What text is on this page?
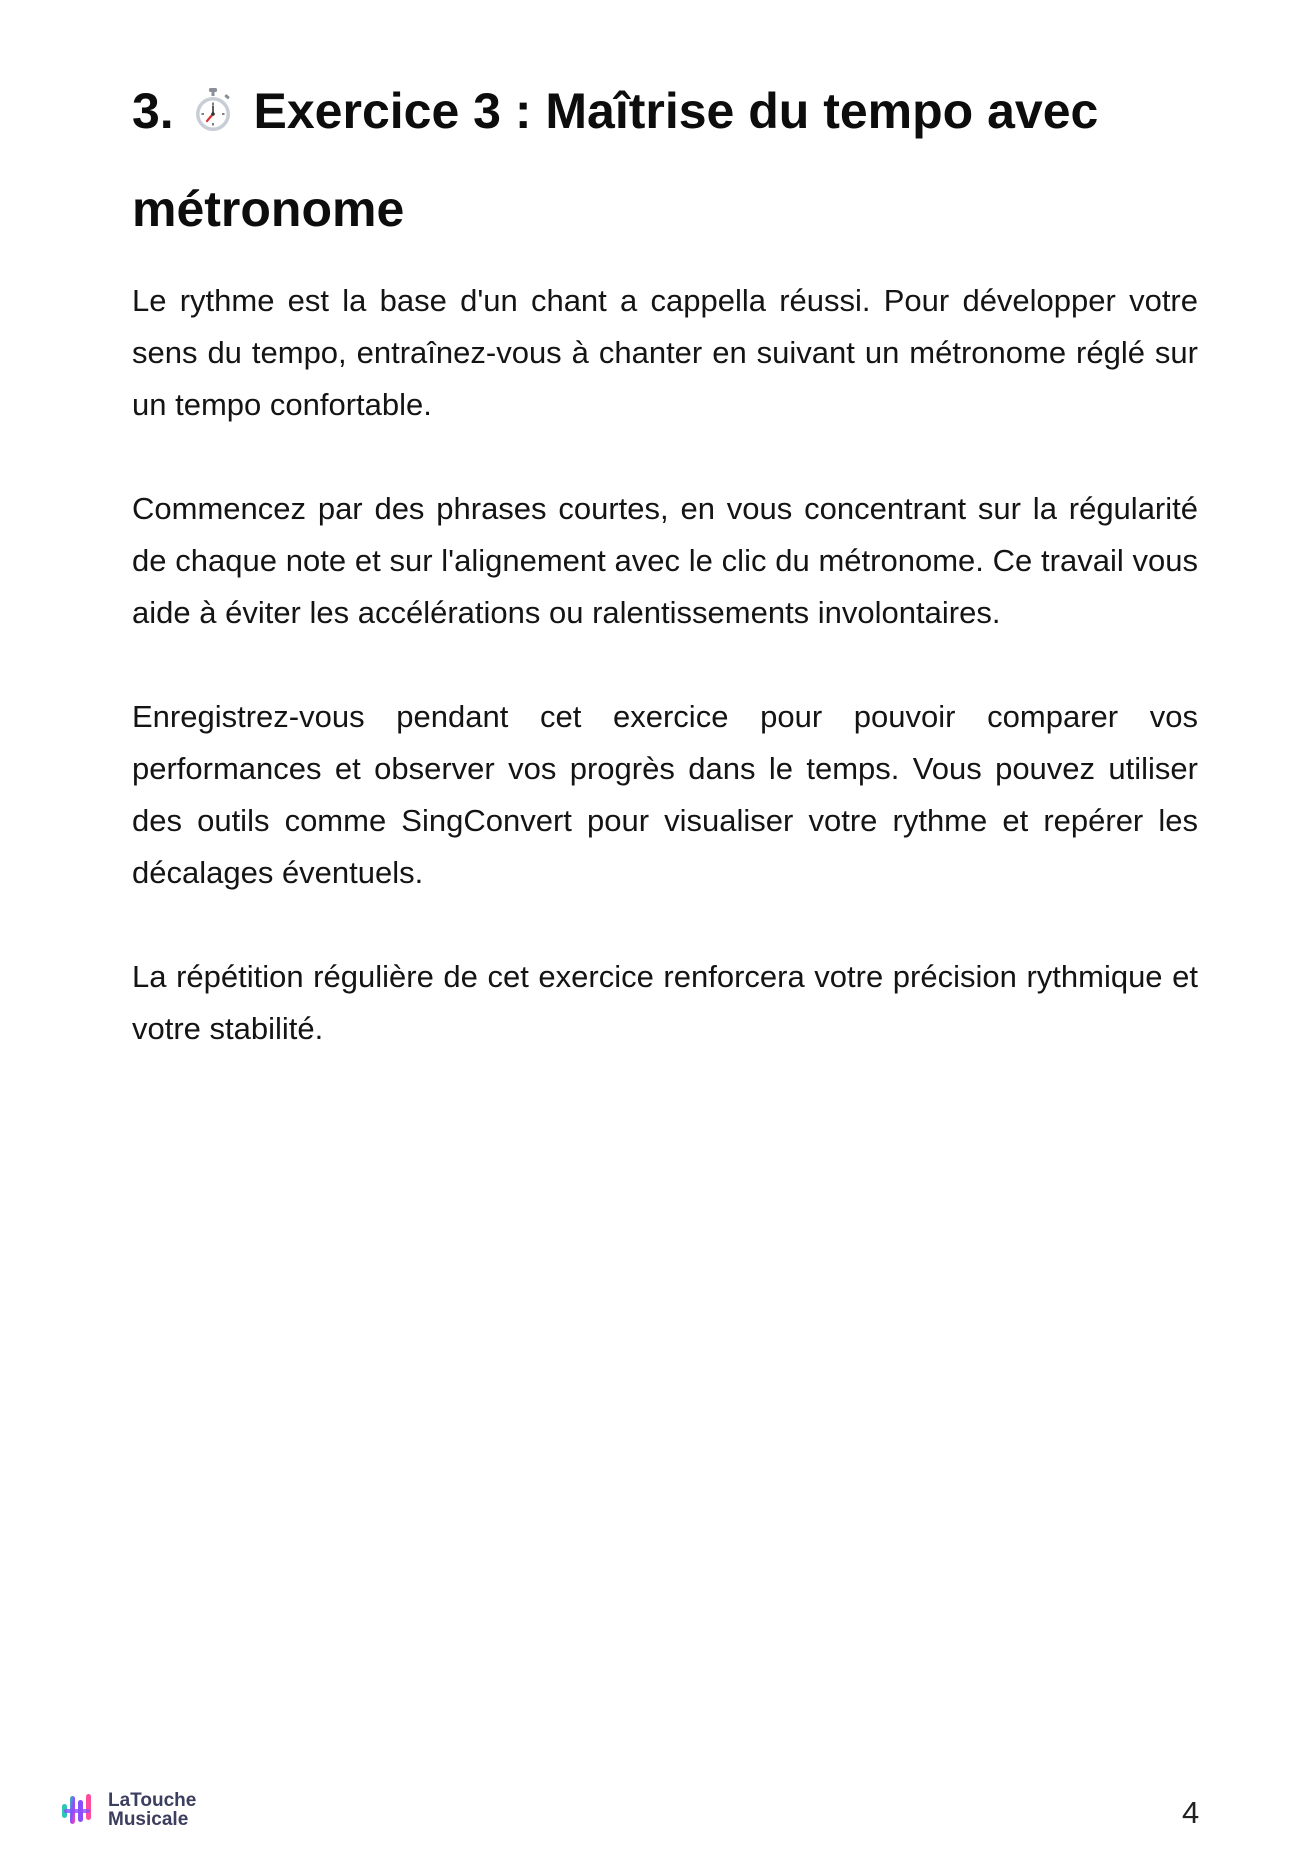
3. Exercice 3 : Maîtrise du tempo avec
métronome

Le rythme est la base d'un chant a cappella réussi. Pour développer votre sens du tempo, entraînez-vous à chanter en suivant un métronome réglé sur un tempo confortable.

Commencez par des phrases courtes, en vous concentrant sur la régularité de chaque note et sur l'alignement avec le clic du métronome. Ce travail vous aide à éviter les accélérations ou ralentissements involontaires.

Enregistrez-vous pendant cet exercice pour pouvoir comparer vos performances et observer vos progrès dans le temps. Vous pouvez utiliser des outils comme SingConvert pour visualiser votre rythme et repérer les décalages éventuels.

La répétition régulière de cet exercice renforcera votre précision rythmique et votre stabilité.

LaTouche
Musicale	4
